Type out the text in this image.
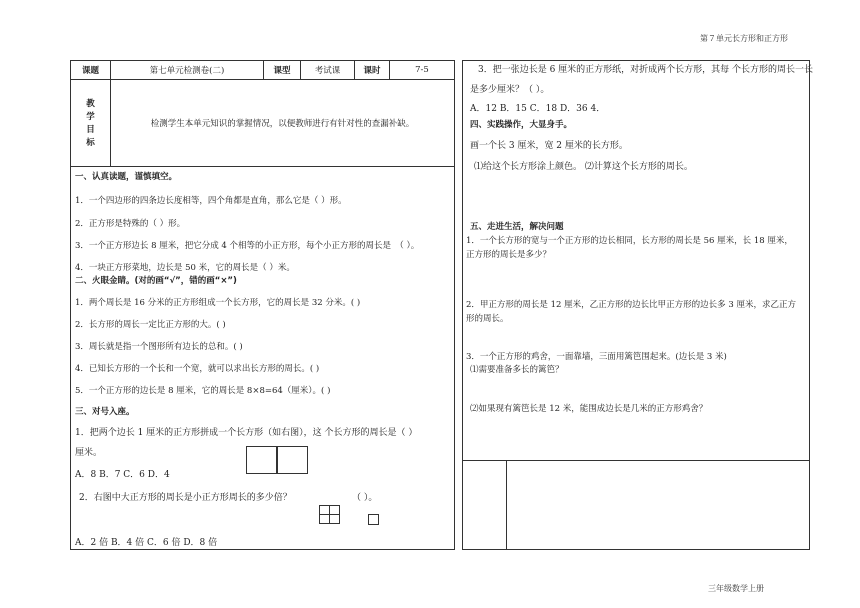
第７单元长方形和正方形
三年级数学上册
课题	第七单元检测卷(二)	课型	考试课	课时	7-5
教
学
目
标
检测学生本单元知识的掌握情况，以便教师进行有针对性的查漏补缺。
一、认真读题，谨慎填空。
1．一个四边形的四条边长度相等，四个角都是直角，那么它是（ ）形。
2．正方形是特殊的（ ）形。
3．一个正方形边长 8 厘米，把它分成 4 个相等的小正方形，每个小正方形的周长是　（ ）。
4．一块正方形菜地，边长是 50 米，它的周长是（ ）米。
二、火眼金睛。(对的画“√”，错的画“×”)
1．两个周长是 16 分米的正方形组成一个长方形，它的周长是 32 分米。( )
2．长方形的周长一定比正方形的大。( )
3．周长就是指一个图形所有边长的总和。( )
4．已知长方形的一个长和一个宽，就可以求出长方形的周长。( )
5．一个正方形的边长是 8 厘米，它的周长是 8×8=64（厘米）。( )
三、对号入座。
1．把两个边长 1 厘米的正方形拼成一个长方形（如右图），这 个长方形的周长是（ ）
厘米。
A．8 B．7 C．6 D．4
2．右图中大正方形的周长是小正方形周长的多少倍？	（ ）。
A．2 倍 B．4 倍 C．6 倍 D．8 倍
3．把一张边长是 6 厘米的正方形纸，对折成两个长方形，其每 个长方形的周长一长
是多少厘米？（ ）。
A．12 B．15 C．18 D．36 4．
四、实践操作，大显身手。
画一个长 3 厘米，宽 2 厘米的长方形。
⑴给这个长方形涂上颜色。 ⑵计算这个长方形的周长。
五、走进生活，解决问题
1．一个长方形的宽与一个正方形的边长相同，长方形的周长是 56 厘米，长 18 厘米， 正方形的周长是多少？
2．甲正方形的周长是 12 厘米，乙正方形的边长比甲正方形的边长多 3 厘米，求乙正方 形的周长。
3．一个正方形的鸡舍，一面靠墙，三面用篱笆围起来。(边长是 3 米)
⑴需要准备多长的篱笆？
⑵如果现有篱笆长是 12 米，能围成边长是几米的正方形鸡舍？
